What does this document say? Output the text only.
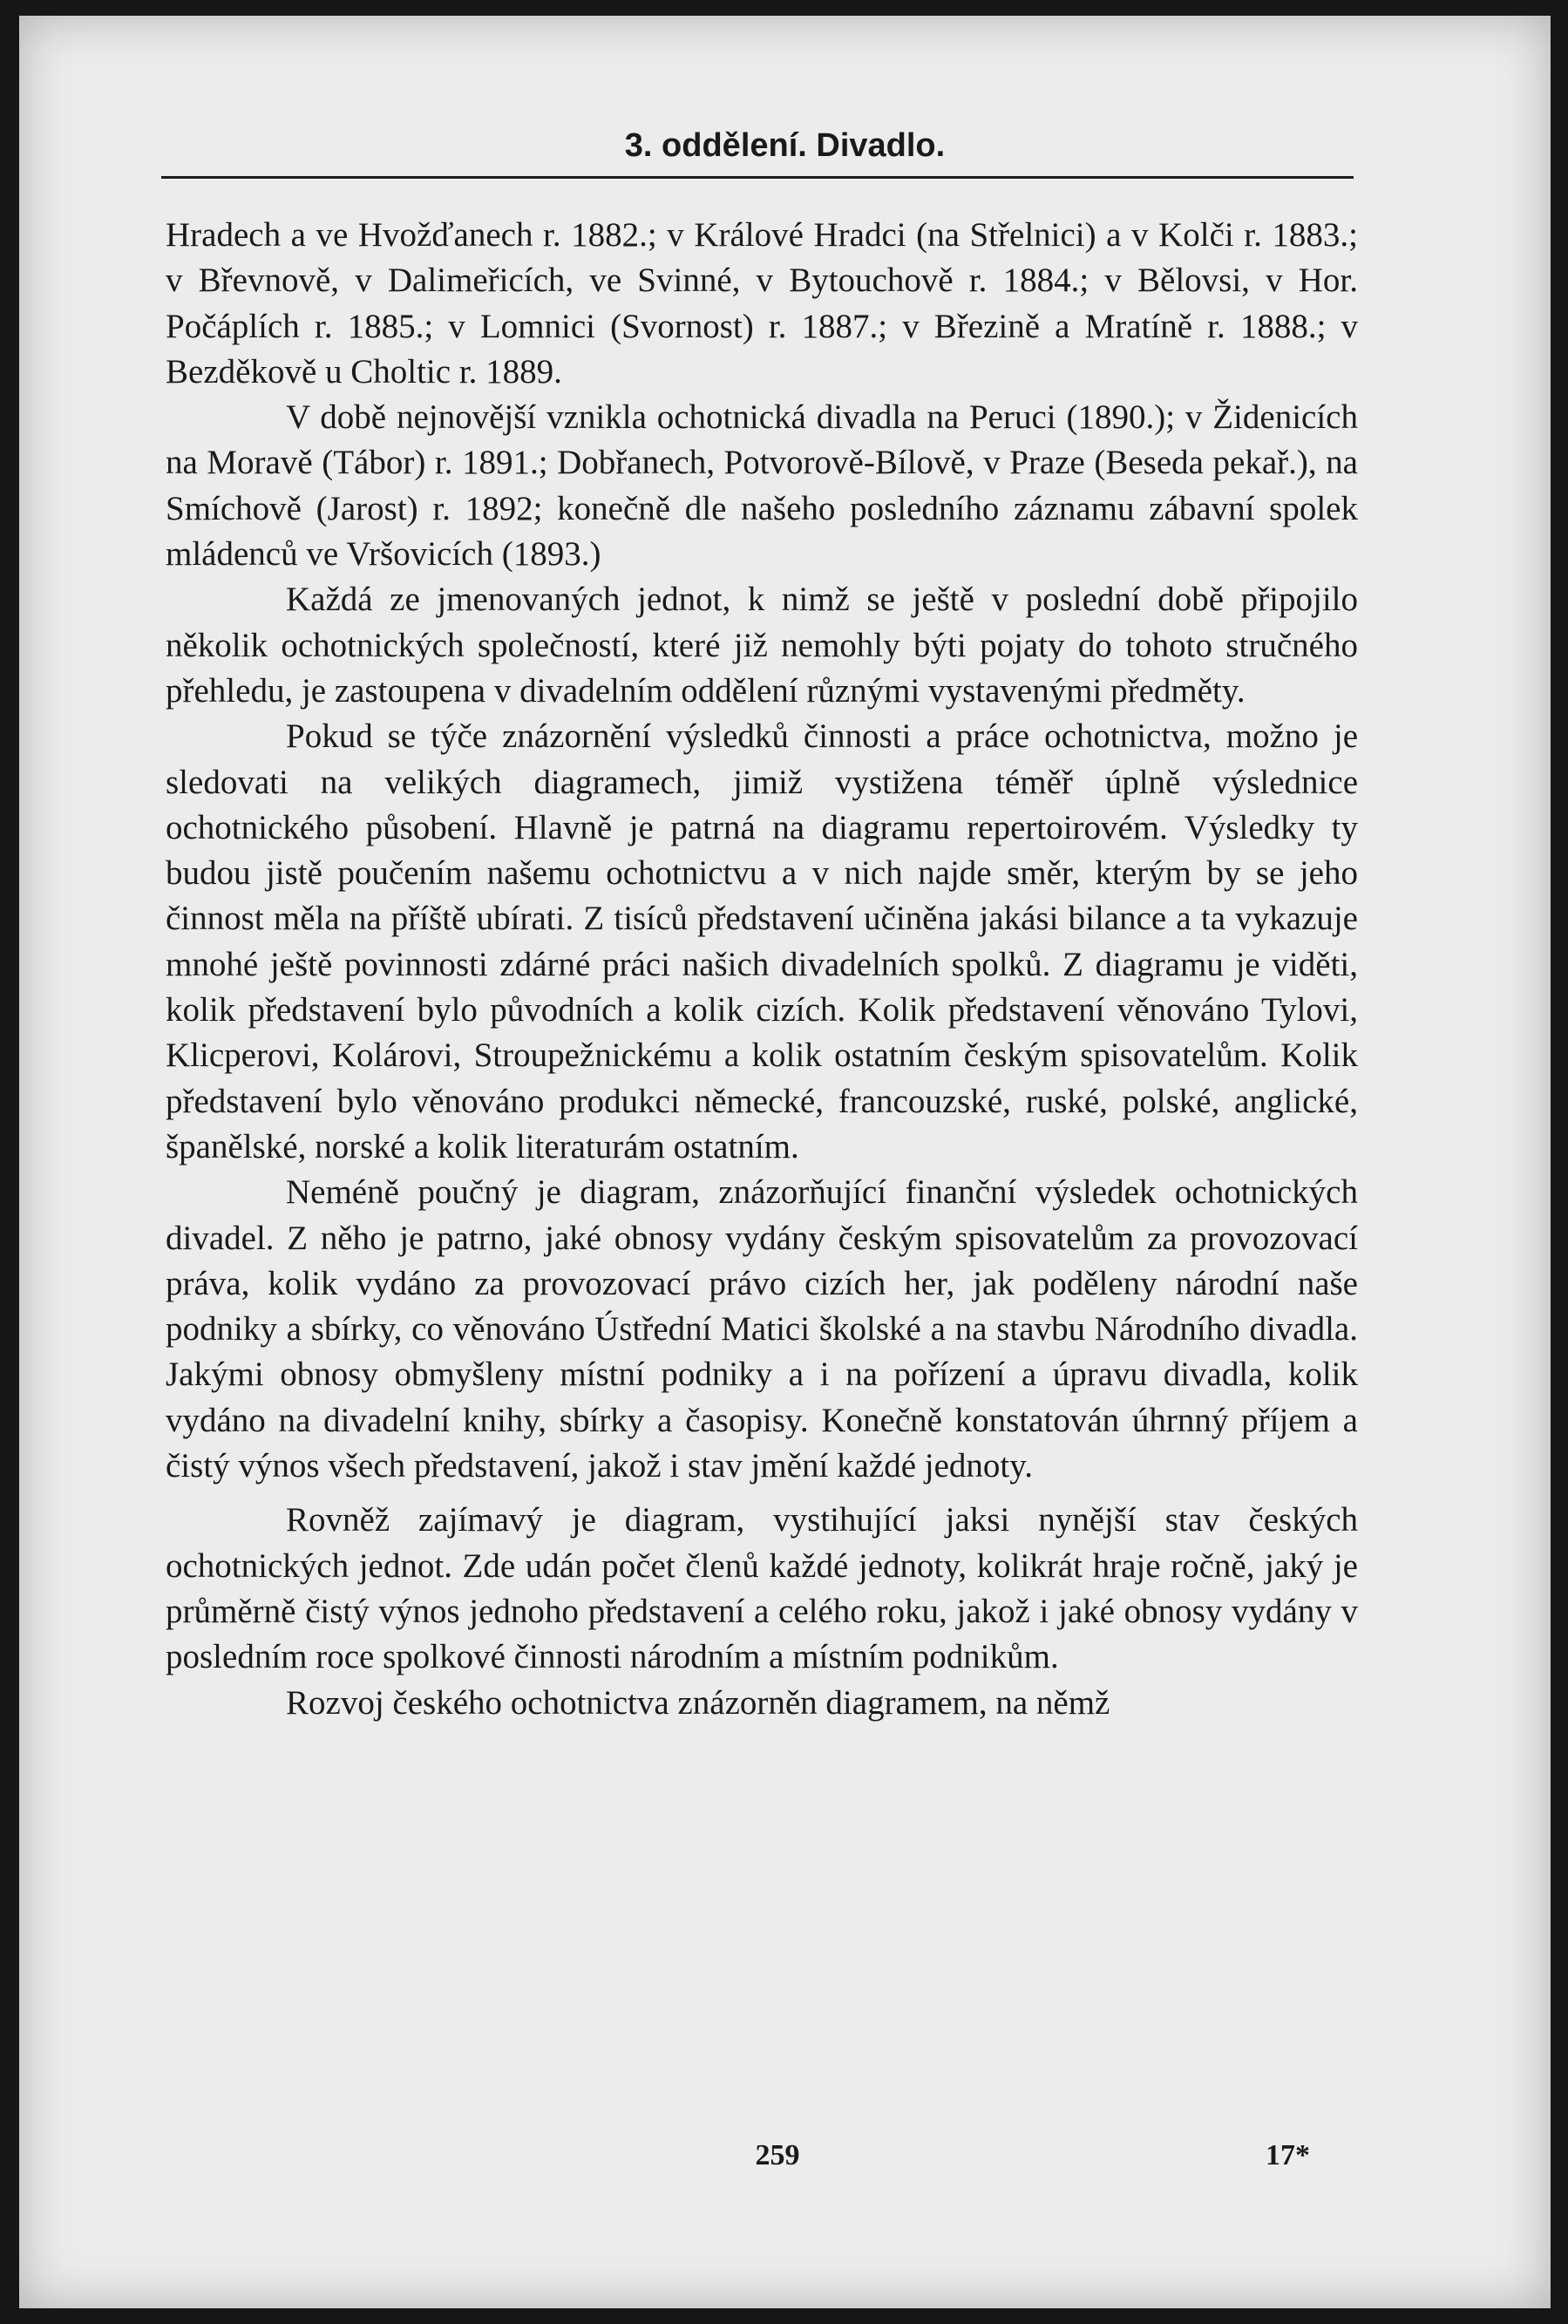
3. oddělení. Divadlo.

Hradech a ve Hvožďanech r. 1882.; v Králové Hradci (na Střelnici) a v Kolči r. 1883.; v Břevnově, v Dalimeřicích, ve Svinné, v Bytouchově r. 1884.; v Bělovsi, v Hor. Počáplích r. 1885.; v Lomnici (Svornost) r. 1887.; v Březině a Mratíně r. 1888.; v Bezděkově u Choltic r. 1889.

V době nejnovější vznikla ochotnická divadla na Peruci (1890.); v Židenicích na Moravě (Tábor) r. 1891.; Dobřanech, Potvorově-Bílově, v Praze (Beseda pekař.), na Smíchově (Jarost) r. 1892; konečně dle našeho posledního záznamu zábavní spolek mládenců ve Vršovicích (1893.)

Každá ze jmenovaných jednot, k nimž se ještě v poslední době připojilo několik ochotnických společností, které již nemohly býti pojaty do tohoto stručného přehledu, je zastoupena v divadelním oddělení různými vystavenými předměty.

Pokud se týče znázornění výsledků činnosti a práce ochotnictva, možno je sledovati na velikých diagramech, jimiž vystižena téměř úplně výslednice ochotnického působení. Hlavně je patrná na diagramu repertoirovém. Výsledky ty budou jistě poučením našemu ochotnictvu a v nich najde směr, kterým by se jeho činnost měla na příště ubírati. Z tisíců představení učiněna jakási bilance a ta vykazuje mnohé ještě povinnosti zdárné práci našich divadelních spolků. Z diagramu je viděti, kolik představení bylo původních a kolik cizích. Kolik představení věnováno Tylovi, Klicperovi, Kolárovi, Stroupežnickému a kolik ostatním českým spisovatelům. Kolik představení bylo věnováno produkci německé, francouzské, ruské, polské, anglické, španělské, norské a kolik literaturám ostatním.

Neméně poučný je diagram, znázorňující finanční výsledek ochotnických divadel. Z něho je patrno, jaké obnosy vydány českým spisovatelům za provozovací práva, kolik vydáno za provozovací právo cizích her, jak poděleny národní naše podniky a sbírky, co věnováno Ústřední Matici školské a na stavbu Národního divadla. Jakými obnosy obmyšleny místní podniky a i na pořízení a úpravu divadla, kolik vydáno na divadelní knihy, sbírky a časopisy. Konečně konstatován úhrnný příjem a čistý výnos všech představení, jakož i stav jmění každé jednoty.

Rovněž zajímavý je diagram, vystihující jaksi nynější stav českých ochotnických jednot. Zde udán počet členů každé jednoty, kolikrát hraje ročně, jaký je průměrně čistý výnos jednoho představení a celého roku, jakož i jaké obnosy vydány v posledním roce spolkové činnosti národním a místním podnikům.

Rozvoj českého ochotnictva znázorněn diagramem, na němž

259	17*
